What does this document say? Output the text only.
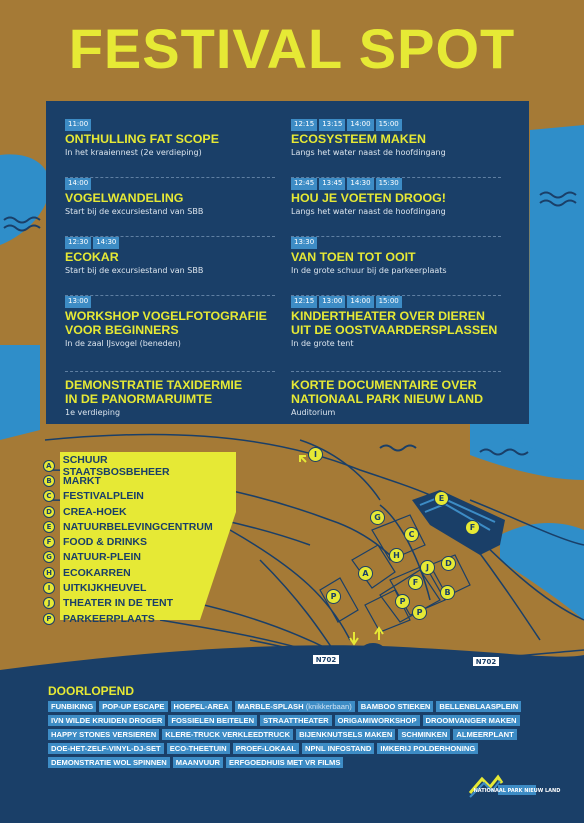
FESTIVAL SPOT
11:00
ONTHULLING FAT SCOPE
In het kraaiennest (2e verdieping)
14:00
VOGELWANDELING
Start bij de excursiestand van SBB
12:30	14:30
ECOKAR
Start bij de excursiestand van SBB
13:00
WORKSHOP VOGELFOTOGRAFIE
VOOR BEGINNERS
In de zaal IJsvogel (beneden)
DEMONSTRATIE TAXIDERMIE
IN DE PANORMARUIMTE
1e verdieping
12:15	13:15	14:00	15:00
ECOSYSTEEM MAKEN
Langs het water naast de hoofdingang
12:45	13:45	14:30	15:30
HOU JE VOETEN DROOG!
Langs het water naast de hoofdingang
13:30
VAN TOEN TOT OOIT
In de grote schuur bij de parkeerplaats
12:15	13:00	14:00	15:00
KINDERTHEATER OVER DIEREN
UIT DE OOSTVAARDERSPLASSEN
In de grote tent
KORTE DOCUMENTAIRE OVER
NATIONAAL PARK NIEUW LAND
Auditorium
A SCHUUR STAATSBOSBEHEER
B	MARKT
C	FESTIVALPLEIN
D CREA-HOEK
E	NATUURBELEVINGCENTRUM
F	FOOD & DRINKS
G NATUUR-PLEIN
H ECOKARREN
I	UITKIJKHEUVEL
J	THEATER IN DE TENT
P	PARKEERPLAATS
I
E
F
C
G
H
D
A
J
F
B
P
P
P
N702	N702
DOORLOPEND
FUNBIKING	POP-UP ESCAPE	HOEPEL-AREA	MARBLE-SPLASH (knikkerbaan)	BAMBOO STIEKEN	BELLENBLAASPLEIN
IVN WILDE KRUIDEN DROGER	FOSSIELEN BEITELEN	STRAATTHEATER	ORIGAMIWORKSHOP	DROOMVANGER MAKEN
HAPPY STONES VERSIEREN	KLERE-TRUCK VERKLEEDTRUCK	BIJENKNUTSELS MAKEN	SCHMINKEN	ALMEERPLANT
DOE-HET-ZELF-VINYL-DJ-SET	ECO-THEETUIN	PROEF-LOKAAL	NPNL INFOSTAND	IMKERIJ POLDERHONING
DEMONSTRATIE WOL SPINNEN	MAANVUUR	ERFGOEDHUIS MET VR FILMS
NATIONAAL PARK NIEUW LAND
